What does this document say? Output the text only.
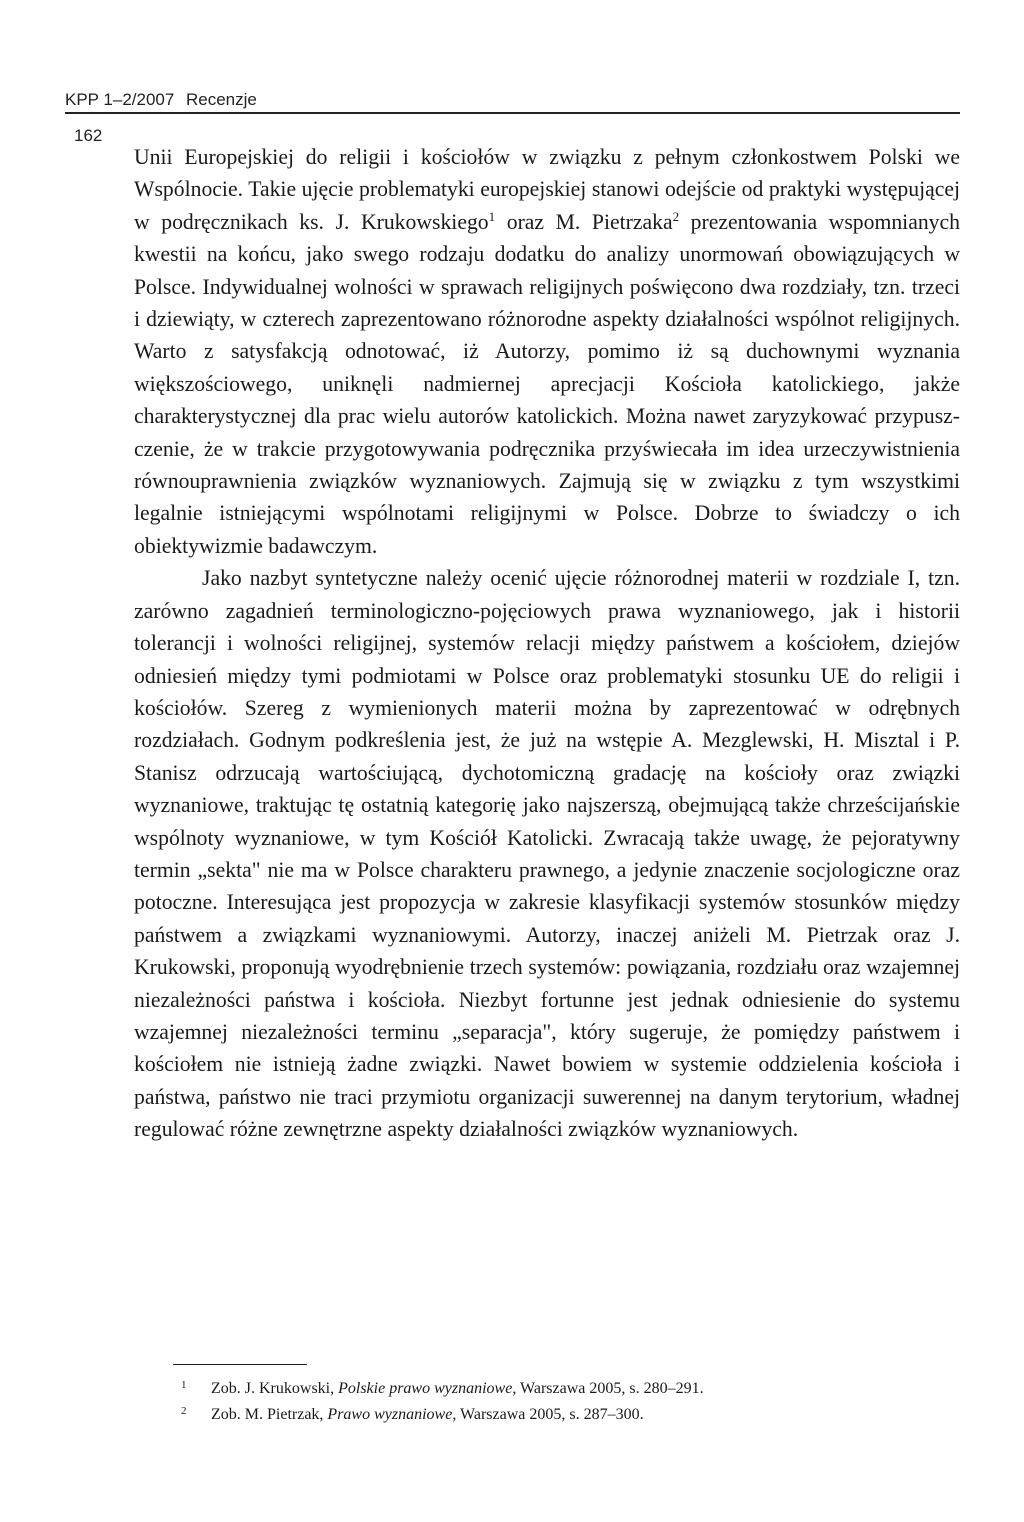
KPP 1–2/2007 Recenzje
162

Unii Europejskiej do religii i kościołów w związku z pełnym członkostwem Polski we Wspólnocie. Takie ujęcie problematyki europejskiej stanowi odejście od praktyki występującej w podręcznikach ks. J. Krukowskiego$^1$ oraz M. Pietrzaka$^2$ prezentowania wspomnianych kwestii na końcu, jako swego rodzaju dodatku do analizy unormowań obowiązujących w Polsce. Indywidualnej wolności w sprawach religijnych poświęcono dwa rozdziały, tzn. trzeci i dziewiąty, w czterech zaprezentowano różnorodne aspekty działalności wspólnot religijnych. Warto z satysfakcją odnotować, iż Autorzy, pomimo iż są duchownymi wyznania większościowego, uniknęli nadmiernej aprecjacji Kościoła katolickiego, jakże charakterystycznej dla prac wielu autorów katolickich. Można nawet zaryzykować przypuszczenie, że w trakcie przygotowywania podręcznika przyświecała im idea urzeczywistnienia równouprawnienia związków wyznaniowych. Zajmują się w związku z tym wszystkimi legalnie istniejącymi wspólnotami religijnymi w Polsce. Dobrze to świadczy o ich obiektywizmie badawczym.

Jako nazbyt syntetyczne należy ocenić ujęcie różnorodnej materii w rozdziale I, tzn. zarówno zagadnień terminologiczno-pojęciowych prawa wyznaniowego, jak i historii tolerancji i wolności religijnej, systemów relacji między państwem a kościołem, dziejów odniesień między tymi podmiotami w Polsce oraz problematyki stosunku UE do religii i kościołów. Szereg z wymienionych materii można by zaprezentować w odrębnych rozdziałach. Godnym podkreślenia jest, że już na wstępie A. Mezglewski, H. Misztal i P. Stanisz odrzucają wartościującą, dychotomiczną gradację na kościoły oraz związki wyznaniowe, traktując tę ostatnią kategorię jako najszerszą, obejmującą także chrześcijańskie wspólnoty wyznaniowe, w tym Kościół Katolicki. Zwracają także uwagę, że pejoratywny termin „sekta" nie ma w Polsce charakteru prawnego, a jedynie znaczenie socjologiczne oraz potoczne. Interesująca jest propozycja w zakresie klasyfikacji systemów stosunków między państwem a związkami wyznaniowymi. Autorzy, inaczej aniżeli M. Pietrzak oraz J. Krukowski, proponują wyodrębnienie trzech systemów: powiązania, rozdziału oraz wzajemnej niezależności państwa i kościoła. Niezbyt fortunne jest jednak odniesienie do systemu wzajemnej niezależności terminu „separacja", który sugeruje, że pomiędzy państwem i kościołem nie istnieją żadne związki. Nawet bowiem w systemie oddzielenia kościoła i państwa, państwo nie traci przymiotu organizacji suwerennej na danym terytorium, władnej regulować różne zewnętrzne aspekty działalności związków wyznaniowych.

1 Zob. J. Krukowski, Polskie prawo wyznaniowe, Warszawa 2005, s. 280–291.
2 Zob. M. Pietrzak, Prawo wyznaniowe, Warszawa 2005, s. 287–300.
